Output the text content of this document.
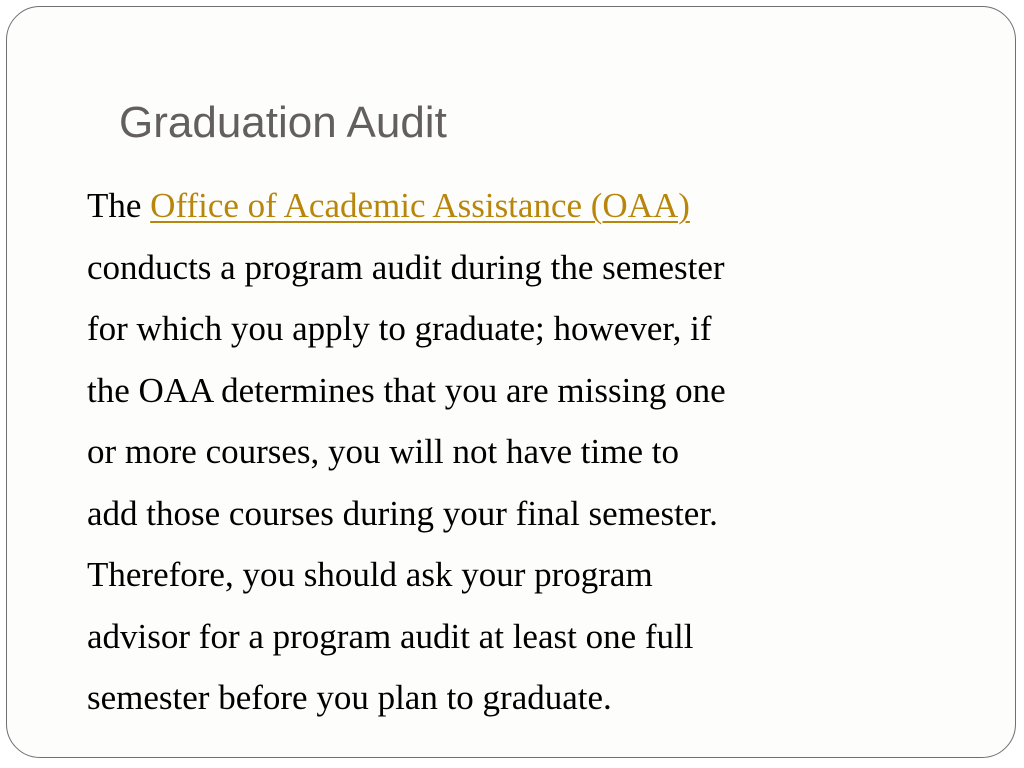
Graduation Audit
The Office of Academic Assistance (OAA)
conducts a program audit during the semester
for which you apply to graduate; however, if
the OAA determines that you are missing one
or more courses, you will not have time to
add those courses during your final semester.
Therefore, you should ask your program
advisor for a program audit at least one full
semester before you plan to graduate.
